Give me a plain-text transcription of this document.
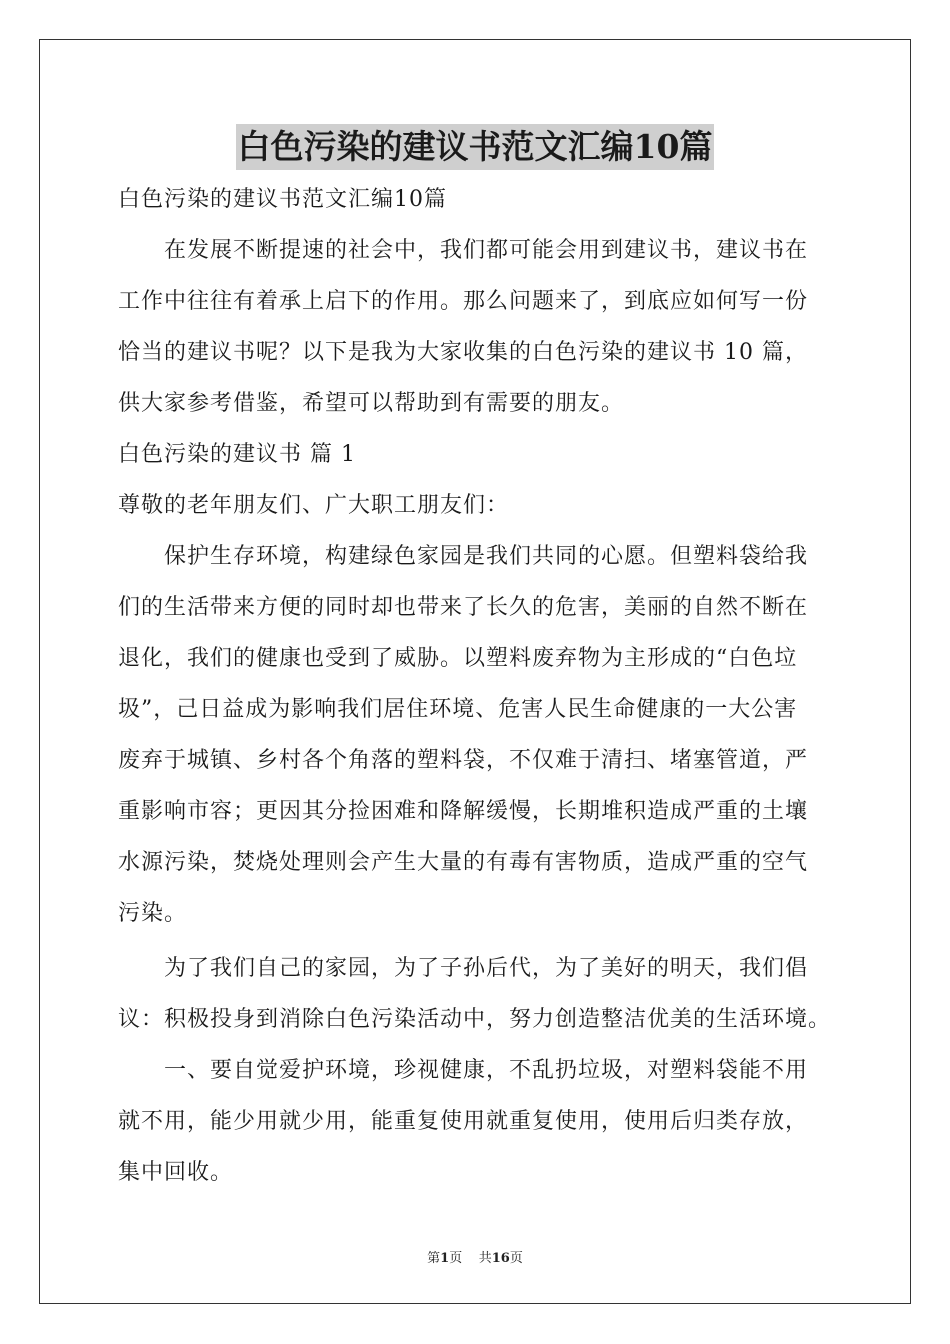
白色污染的建议书范文汇编10篇
白色污染的建议书范文汇编10篇
在发展不断提速的社会中，我们都可能会用到建议书，建议书在
工作中往往有着承上启下的作用。那么问题来了，到底应如何写一份
恰当的建议书呢？以下是我为大家收集的白色污染的建议书 10 篇，
供大家参考借鉴，希望可以帮助到有需要的朋友。
白色污染的建议书 篇 1
尊敬的老年朋友们、广大职工朋友们：
保护生存环境，构建绿色家园是我们共同的心愿。但塑料袋给我
们的生活带来方便的同时却也带来了长久的危害，美丽的自然不断在
退化，我们的健康也受到了威胁。以塑料废弃物为主形成的“白色垃
圾”，己日益成为影响我们居住环境、危害人民生命健康的一大公害
废弃于城镇、乡村各个角落的塑料袋，不仅难于清扫、堵塞管道，严
重影响市容；更因其分捡困难和降解缓慢，长期堆积造成严重的土壤
水源污染，焚烧处理则会产生大量的有毒有害物质，造成严重的空气
污染。
为了我们自己的家园，为了子孙后代，为了美好的明天，我们倡
议：积极投身到消除白色污染活动中，努力创造整洁优美的生活环境。
一、要自觉爱护环境，珍视健康，不乱扔垃圾，对塑料袋能不用
就不用，能少用就少用，能重复使用就重复使用，使用后归类存放，
集中回收。
第1页 共16页
